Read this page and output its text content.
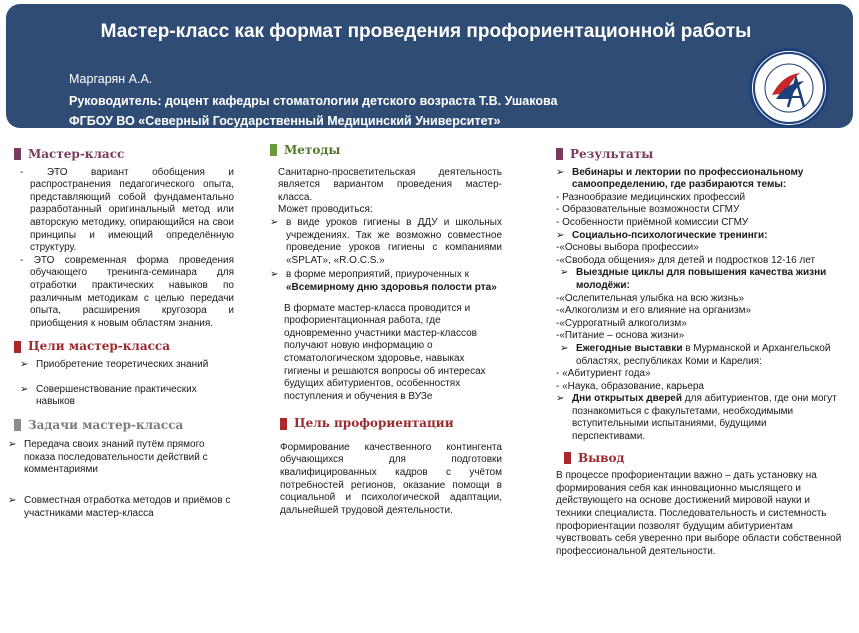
Мастер-класс как формат проведения профориентационной работы
Маргарян А.А.
Руководитель: доцент кафедры стоматологии детского возраста Т.В. Ушакова
ФГБОУ ВО «Северный Государственный Медицинский Университет»
Мастер-класс
- ЭТО вариант обобщения и распространения педагогического опыта, представляющий собой фундаментально разработанный оригинальный метод или авторскую методику, опирающийся на свои принципы и имеющий определённую структуру.
- ЭТО современная форма проведения обучающего тренинга-семинара для отработки практических навыков по различным методикам с целью передачи опыта, расширения кругозора и приобщения к новым областям знания.
Цели мастер-класса
➢ Приобретение теоретических знаний
➢ Совершенствование практических навыков
Задачи мастер-класса
➢ Передача своих знаний путём прямого показа последовательности действий с комментариями
➢ Совместная отработка методов и приёмов с участниками мастер-класса
Методы
Санитарно-просветительская деятельность является вариантом проведения мастер-класса.
Может проводиться:
➢ в виде уроков гигиены в ДДУ и школьных учреждениях. Так же возможно совместное проведение уроков гигиены с компаниями «SPLAT», «R.O.C.S.»
➢ в форме мероприятий, приуроченных к «Всемирному дню здоровья полости рта»
В формате мастер-класса проводится и профориентационная работа, где одновременно участники мастер-классов получают новую информацию о стоматологическом здоровье, навыках гигиены и решаются вопросы об интересах будущих абитуриентов, особенностях поступления и обучения в ВУЗе
Цель профориентации
Формирование качественного контингента обучающихся для подготовки квалифицированных кадров с учётом потребностей регионов, оказание помощи в социальной и психологической адаптации, дальнейшей трудовой деятельности.
Результаты
➢ Вебинары и лектории по профессиональному самоопределению, где разбираются темы:
- Разнообразие медицинских профессий
- Образовательные возможности СГМУ
- Особенности приёмной комиссии СГМУ
➢ Социально-психологические тренинги:
-«Основы выбора профессии»
-«Свобода общения» для детей и подростков 12-16 лет
➢ Выездные циклы для повышения качества жизни молодёжи:
-«Ослепительная улыбка на всю жизнь»
-«Алкоголизм и его влияние на организм»
-«Суррогатный алкоголизм»
-«Питание – основа жизни»
➢ Ежегодные выставки в Мурманской и Архангельской областях, республиках Коми и Карелия:
- «Абитуриент года»
- «Наука, образование, карьера
➢ Дни открытых дверей для абитуриентов, где они могут познакомиться с факультетами, необходимыми вступительными испытаниями, будущими перспективами.
Вывод
В процессе профориентации важно – дать установку на формирования себя как инновационно мыслящего и действующего на основе достижений мировой науки и техники специалиста. Последовательность и системность профориентации позволят будущим абитуриентам чувствовать себя уверенно при выборе области собственной профессиональной деятельности.
